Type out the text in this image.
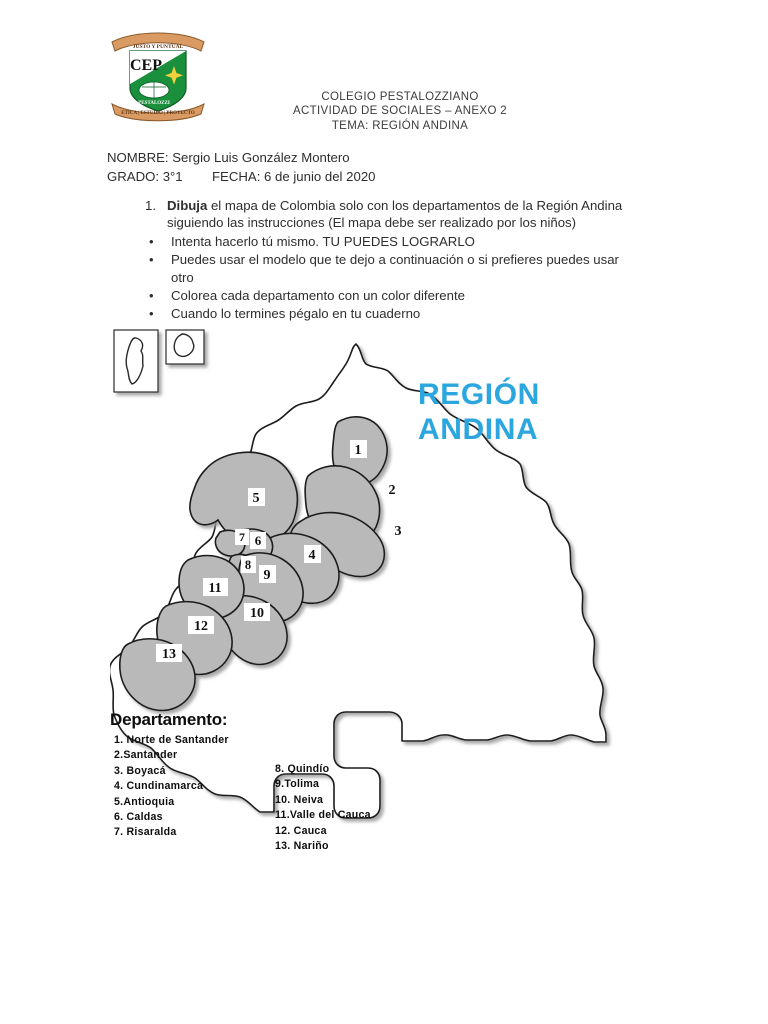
JUSTO Y PUNTUAL
CEP
PESTALOZZI
ETICA | ESTUDIO | PROYECTO
COLEGIO PESTALOZZIANO
ACTIVIDAD DE SOCIALES – ANEXO 2
TEMA: REGIÓN ANDINA
NOMBRE: Sergio Luis González Montero
GRADO: 3°1 FECHA: 6 de junio del 2020
1. Dibuja el mapa de Colombia solo con los departamentos de la Región Andina siguiendo las instrucciones (El mapa debe ser realizado por los niños)
•	Intenta hacerlo tú mismo. TU PUEDES LOGRARLO
•	Puedes usar el modelo que te dejo a continuación o si prefieres puedes usar otro
•	Colorea cada departamento con un color diferente
•	Cuando lo termines pégalo en tu cuaderno
1
2
3
4
5
6
7
8
9
10
11
12
13
REGIÓN
ANDINA
Departamento:
1. Norte de Santander
2.Santander
3. Boyacá
4. Cundinamarca
5.Antioquia
6. Caldas
7. Risaralda
8. Quindío
9.Tolima
10. Neiva
11.Valle del Cauca
12. Cauca
13. Nariño
